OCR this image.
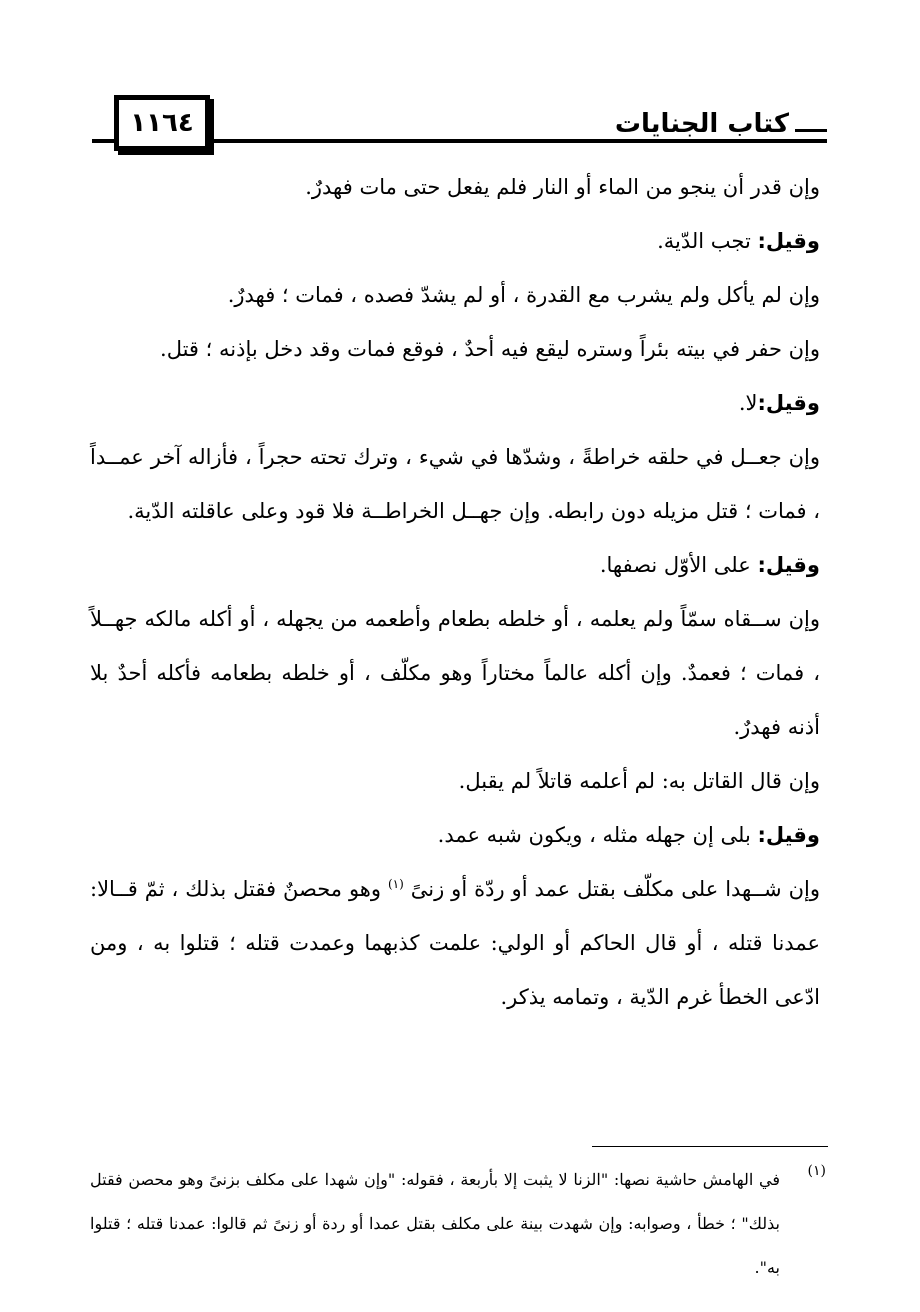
كتاب الجنايات
١١٦٤

وإن قدر أن ينجو من الماء أو النار فلم يفعل حتى مات فهدرٌ.

وقيل: تجب الدّية.

وإن لم يأكل ولم يشرب مع القدرة ، أو لم يشدّ فصده ، فمات ؛ فهدرٌ.

وإن حفر في بيته بئراً وستره ليقع فيه أحدٌ ، فوقع فمات وقد دخل بإذنه ؛ قتل.

وقيل:لا.

وإن جعــل في حلقه خراطةً ، وشدّها في شيء ، وترك تحته حجراً ، فأزاله آخر عمــداً ، فمات ؛ قتل مزيله دون رابطه. وإن جهــل الخراطــة فلا قود وعلى عاقلته الدّية.

وقيل: على الأوّل نصفها.

وإن ســقاه سمّاً ولم يعلمه ، أو خلطه بطعام وأطعمه من يجهله ، أو أكله مالكه جهــلاً ، فمات ؛ فعمدٌ. وإن أكله عالماً مختاراً وهو مكلّف ، أو خلطه بطعامه فأكله أحدٌ بلا أذنه فهدرٌ.

وإن قال القاتل به: لم أعلمه قاتلاً لم يقبل.

وقيل: بلى إن جهله مثله ، ويكون شبه عمد.

وإن شــهدا على مكلّف بقتل عمد أو ردّة أو زنىً $^{(١)}$ وهو محصنٌ فقتل بذلك ، ثمّ قــالا: عمدنا قتله ، أو قال الحاكم أو الولي: علمت كذبهما وعمدت قتله ؛ قتلوا به ، ومن ادّعى الخطأ غرم الدّية ، وتمامه يذكر.

(١)
في الهامش حاشية نصها: "الزنا لا يثبت إلا بأربعة ، فقوله: "وإن شهدا على مكلف بزنىً وهو محصن فقتل بذلك" ؛ خطأ ، وصوابه: وإن شهدت بينة على مكلف بقتل عمدا أو ردة أو زنىً ثم قالوا: عمدنا قتله ؛ قتلوا به".
